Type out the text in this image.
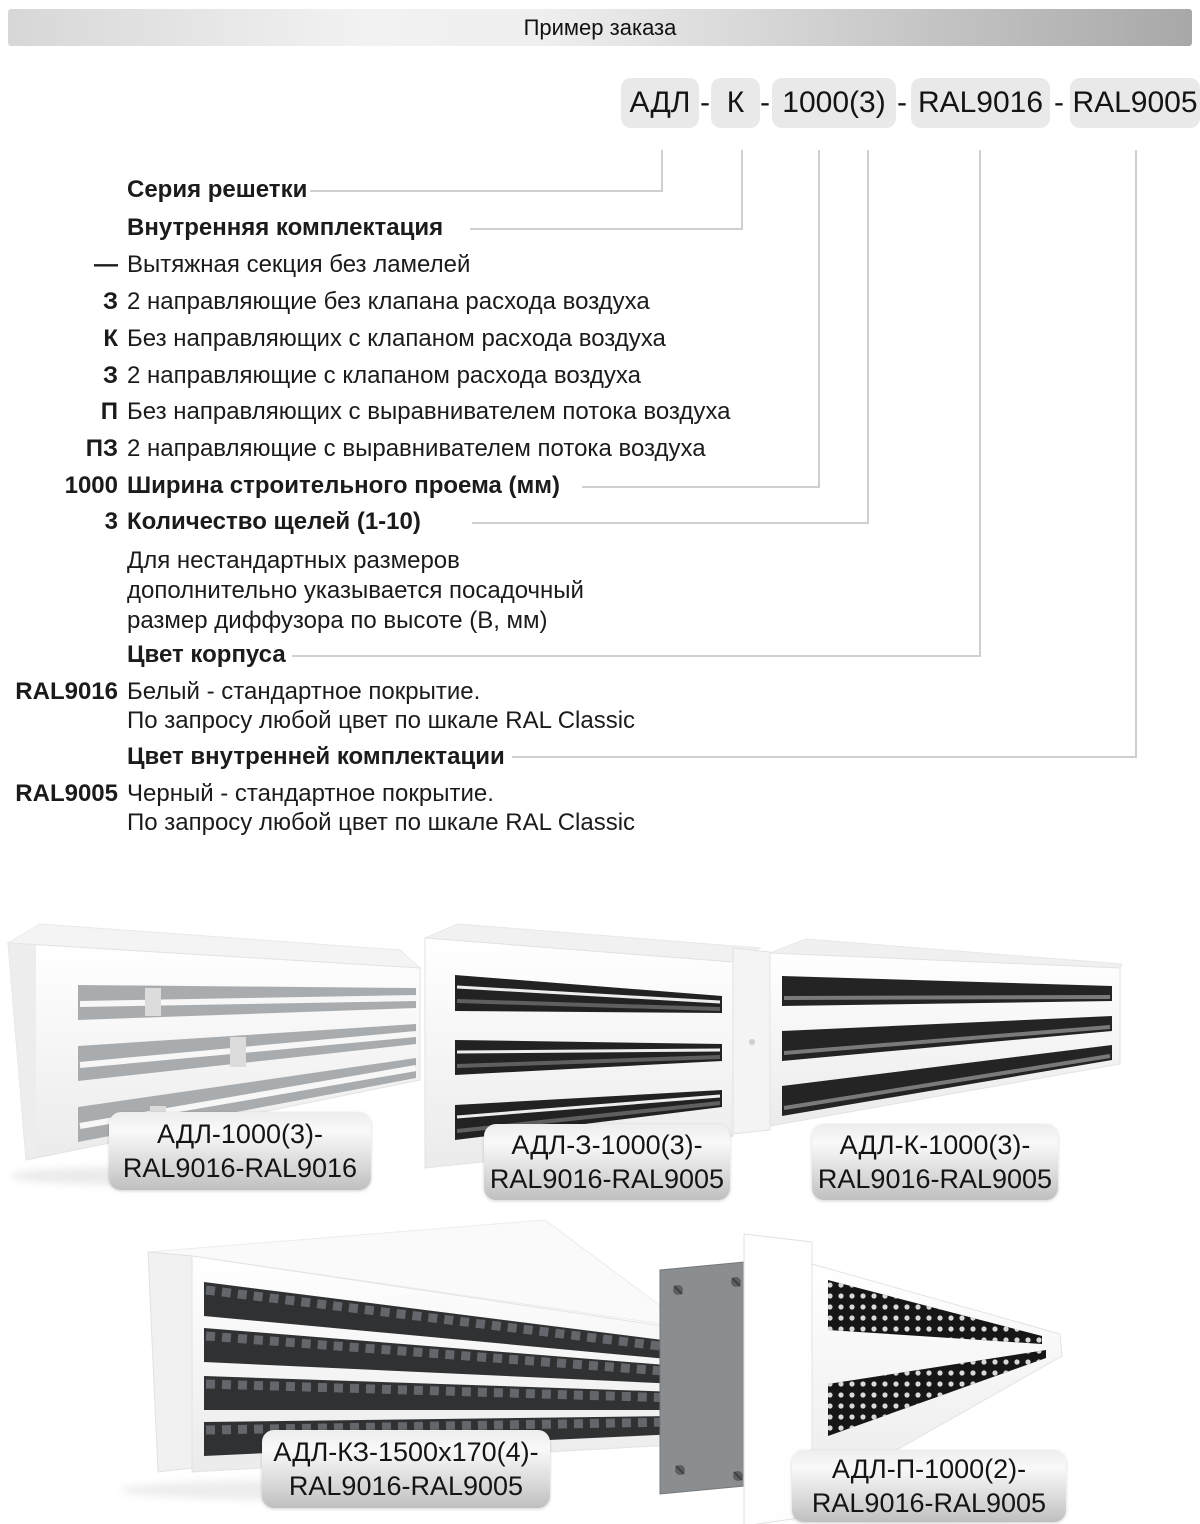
Пример заказа
АДЛ - К - 1000(3) - RAL9016 - RAL9005
Серия решетки
Внутренняя комплектация
— Вытяжная секция без ламелей
З 2 направляющие без клапана расхода воздуха
К Без направляющих с клапаном расхода воздуха
З 2 направляющие с клапаном расхода воздуха
П Без направляющих с выравнивателем потока воздуха
ПЗ 2 направляющие с выравнивателем потока воздуха
1000 Ширина строительного проема (мм)
3 Количество щелей (1-10)
Для нестандартных размеров
дополнительно указывается посадочный
размер диффузора по высоте (В, мм)
Цвет корпуса
RAL9016 Белый - стандартное покрытие.
По запросу любой цвет по шкале RAL Classic
Цвет внутренней комплектации
RAL9005 Черный - стандартное покрытие.
По запросу любой цвет по шкале RAL Classic
АДЛ-1000(3)-
RAL9016-RAL9016
АДЛ-З-1000(3)-
RAL9016-RAL9005
АДЛ-К-1000(3)-
RAL9016-RAL9005
АДЛ-КЗ-1500х170(4)-
RAL9016-RAL9005
АДЛ-П-1000(2)-
RAL9016-RAL9005
